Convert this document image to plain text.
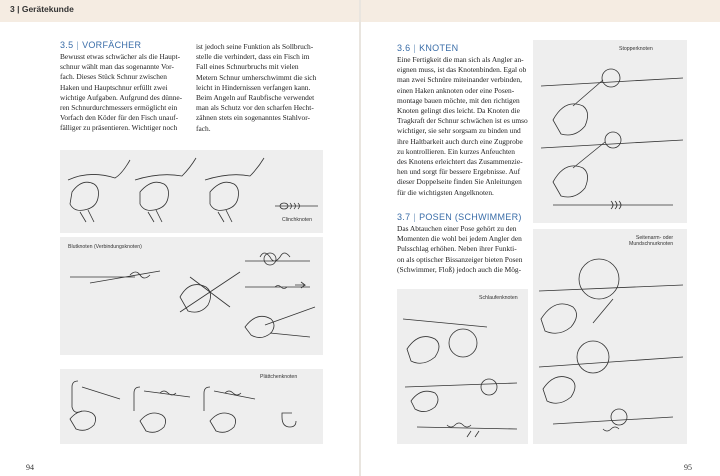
3 | Gerätekunde
3.5 | VORFÄCHER
Bewusst etwas schwächer als die Haupt-
schnur wählt man das sogenannte Vor-
fach. Dieses Stück Schnur zwischen
Haken und Hauptschnur erfüllt zwei
wichtige Aufgaben. Aufgrund des dünne-
ren Schnurdurchmessers ermöglicht ein
Vorfach den Köder für den Fisch unauf-
fälliger zu präsentieren. Wichtiger noch
ist jedoch seine Funktion als Sollbruch-
stelle die verhindert, dass ein Fisch im
Fall eines Schnurbruchs mit vielen
Metern Schnur umherschwimmt die sich
leicht in Hindernissen verfangen kann.
Beim Angeln auf Raubfische verwendet
man als Schutz vor den scharfen Hecht-
zähnen stets ein sogenanntes Stahlvor-
fach.
Clinchknoten
Blutknoten (Verbindungsknoten)
Plättchenknoten
3.6 | KNOTEN
Eine Fertigkeit die man sich als Angler an-
eignen muss, ist das Knotenbinden. Egal ob
man zwei Schnüre miteinander verbinden,
einen Haken anknoten oder eine Posen-
montage bauen möchte, mit den richtigen
Knoten gelingt dies leicht. Da Knoten die
Tragkraft der Schnur schwächen ist es umso
wichtiger, sie sehr sorgsam zu binden und
ihre Haltbarkeit auch durch eine Zugprobe
zu kontrollieren. Ein kurzes Anfeuchten
des Knotens erleichtert das Zusammenzie-
hen und sorgt für bessere Ergebnisse. Auf
dieser Doppelseite finden Sie Anleitungen
für die wichtigsten Angelknoten.
3.7 | POSEN (SCHWIMMER)
Das Abtauchen einer Pose gehört zu den
Momenten die wohl bei jedem Angler den
Pulsschlag erhöhen. Neben ihrer Funkti-
on als optischer Bissanzeiger bieten Posen
(Schwimmer, Floß) jedoch auch die Mög-
Stopperknoten
Schlaufenknoten
Seitenarm- oder
Mundschnurknoten
94	95
